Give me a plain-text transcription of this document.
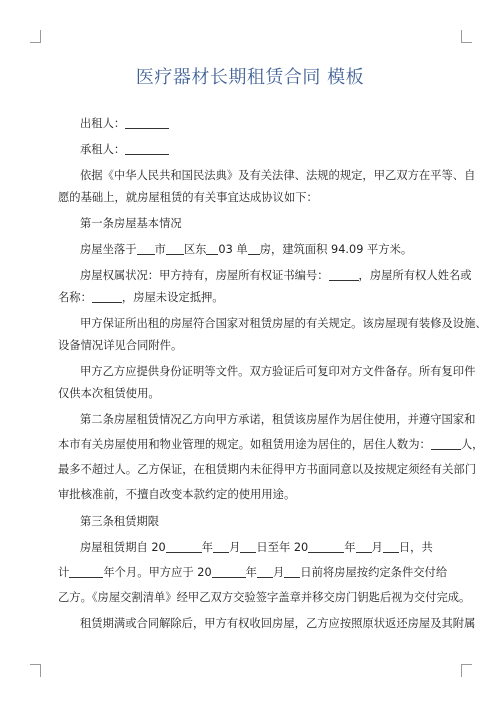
医疗器材长期租赁合同 模板

出租人：

承租人：

依据《中华人民共和国民法典》及有关法律、法规的规定，甲乙双方在平等、自

愿的基础上，就房屋租赁的有关事宜达成协议如下：

第一条房屋基本情况

房屋坐落于 市 区东 03 单 房，建筑面积 94.09 平方米。

房屋权属状况：甲方持有，房屋所有权证书编号：	，房屋所有权人姓名或

名称：	，房屋未设定抵押。

甲方保证所出租的房屋符合国家对租赁房屋的有关规定。该房屋现有装修及设施、

设备情况详见合同附件。

甲方乙方应提供身份证明等文件。双方验证后可复印对方文件备存。所有复印件

仅供本次租赁使用。

第二条房屋租赁情况乙方向甲方承诺，租赁该房屋作为居住使用，并遵守国家和

本市有关房屋使用和物业管理的规定。如租赁用途为居住的，居住人数为：	人，

最多不超过人。乙方保证，在租赁期内未征得甲方书面同意以及按规定须经有关部门

审批核准前，不擅自改变本款约定的使用用途。

第三条租赁期限

房屋租赁期自 20	年 月 日至年 20	年 月 日，共

计	年个月。甲方应于 20	年 月 日前将房屋按约定条件交付给

乙方。《房屋交割清单》经甲乙双方交验签字盖章并移交房门钥匙后视为交付完成。

租赁期满或合同解除后，甲方有权收回房屋，乙方应按照原状返还房屋及其附属
